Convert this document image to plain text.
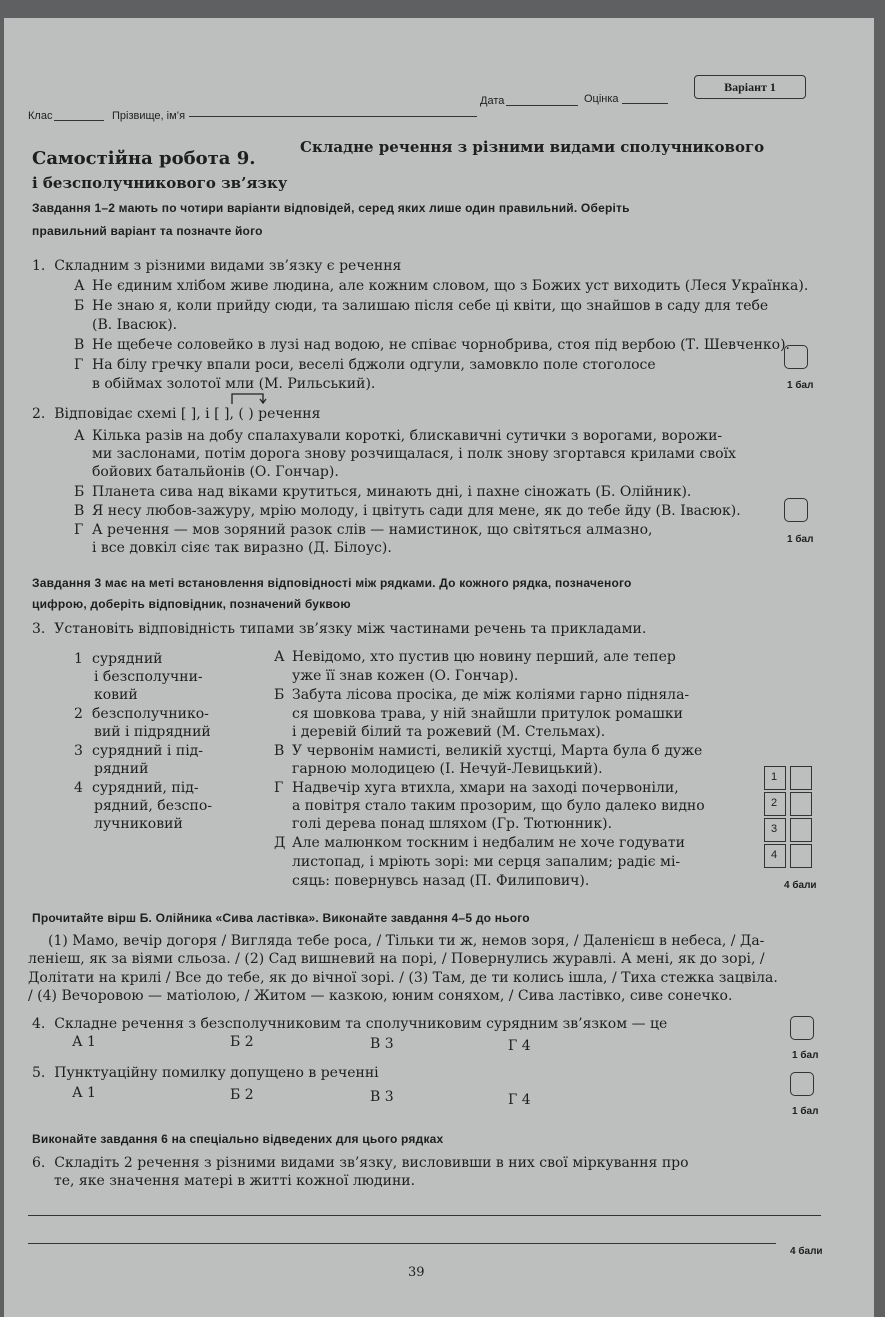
Клас	Прізвище, ім’я
Дата	Оцінка
Варіант 1
Самостійна робота 9.
Складне речення з різними видами сполучникового
і безсполучникового зв’язку
Завдання 1–2 мають по чотири варіанти відповідей, серед яких лише один правильний. Оберіть
правильний варіант та позначте його
1. Складним з різними видами зв’язку є речення
А Не єдиним хлібом живе людина, але кожним словом, що з Божих уст виходить (Леся Українка).
Б Не знаю я, коли прийду сюди, та залишаю після себе ці квіти, що знайшов в саду для тебе
(В. Івасюк).
В Не щебече соловейко в лузі над водою, не співає чорнобрива, стоя під вербою (Т. Шевченко).
Г На білу гречку впали роси, веселі бджоли одгули, замовкло поле стоголосе
в обіймах золотої мли (М. Рильський).	1 бал
2. Відповідає схемі [ ], і [ ], ( ) речення
А Кілька разів на добу спалахували короткі, блискавичні сутички з ворогами, ворожи-
ми заслонами, потім дорога знову розчищалася, і полк знову згортався крилами своїх
бойових батальйонів (О. Гончар).
Б Планета сива над віками крутиться, минають дні, і пахне сіножать (Б. Олійник).
В Я несу любов-зажуру, мрію молоду, і цвітуть сади для мене, як до тебе йду (В. Івасюк).
Г А речення — мов зоряний разок слів — намистинок, що світяться алмазно,
і все довкіл сіяє так виразно (Д. Білоус).
1 бал
Завдання 3 має на меті встановлення відповідності між рядками. До кожного рядка, позначеного
цифрою, доберіть відповідник, позначений буквою
3. Установіть відповідність типами зв’язку між частинами речень та прикладами.
1 сурядний
і безсполучни-
ковий
2 безсполучнико-
вий і підрядний
3 сурядний і під-
рядний
4 сурядний, під-
рядний, безспо-
лучниковий
А Невідомо, хто пустив цю новину перший, але тепер
уже її знав кожен (О. Гончар).
Б Забута лісова просіка, де між коліями гарно підняла-
ся шовкова трава, у ній знайшли притулок ромашки
і деревій білий та рожевий (М. Стельмах).
В У червонім намисті, великій хустці, Марта була б дуже
гарною молодицею (І. Нечуй-Левицький).
Г Надвечір хуга втихла, хмари на заході почервоніли,
а повітря стало таким прозорим, що було далеко видно
голі дерева понад шляхом (Гр. Тютюнник).
Д Але малюнком тоскним і недбалим не хоче годувати
листопад, і мріють зорі: ми серця запалим; радіє мі-
сяць: повернувсь назад (П. Филипович).
1
2
3
4
4 бали
Прочитайте вірш Б. Олійника «Сива ластівка». Виконайте завдання 4–5 до нього
(1) Мамо, вечір догоря / Вигляда тебе роса, / Тільки ти ж, немов зоря, / Даленієш в небеса, / Да-
леніеш, як за віями сльоза. / (2) Сад вишневий на порі, / Повернулись журавлі. А мені, як до зорі, /
Долітати на крилі / Все до тебе, як до вічної зорі. / (3) Там, де ти колись ішла, / Тиха стежка зацвіла.
/ (4) Вечоровою — матіолою, / Житом — казкою, юним соняхом, / Сива ластівко, сиве сонечко.
4. Складне речення з безсполучниковим та сполучниковим сурядним зв’язком — це
А 1	Б 2	В 3	Г 4
1 бал
5. Пунктуаційну помилку допущено в реченні
А 1	Б 2	В 3	Г 4
1 бал
Виконайте завдання 6 на спеціально відведених для цього рядках
6. Складіть 2 речення з різними видами зв’язку, висловивши в них свої міркування про
те, яке значення матері в житті кожної людини.
4 бали
39
